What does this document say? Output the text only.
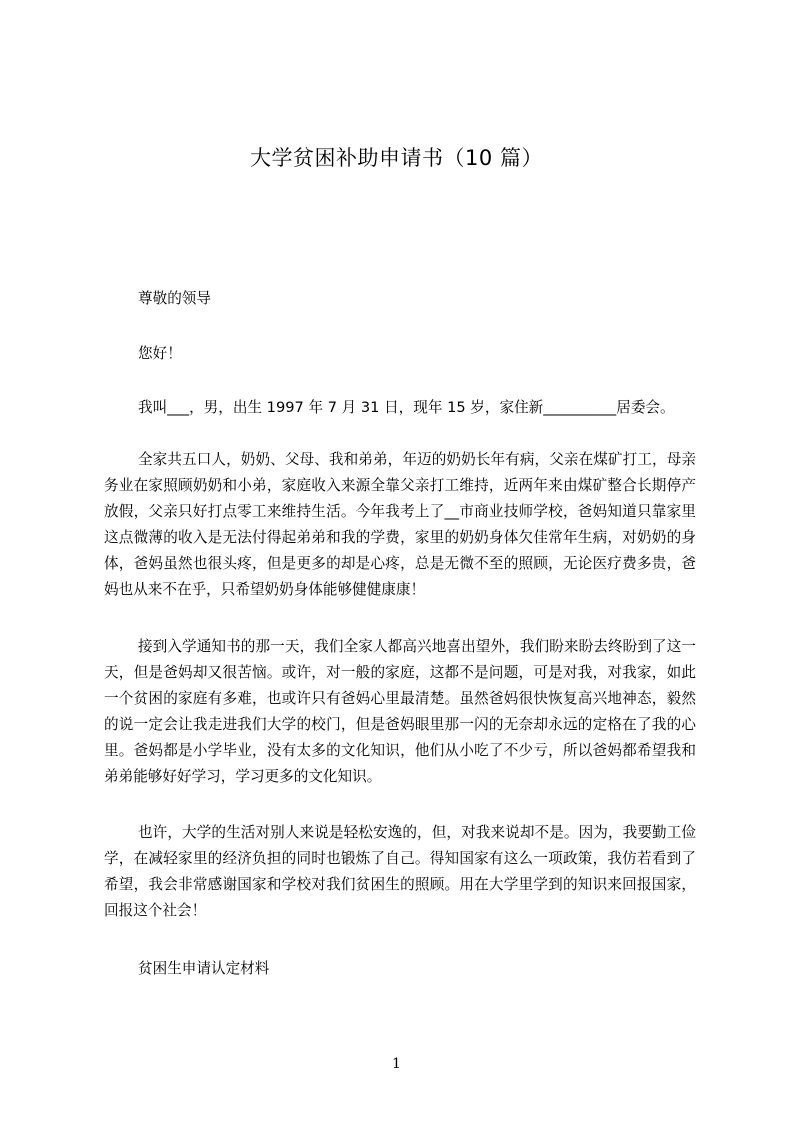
大学贫困补助申请书（10 篇）
尊敬的领导
您好！
我叫___，男，出生 1997 年 7 月 31 日，现年 15 岁，家住新__________居委会。
全家共五口人，奶奶、父母、我和弟弟，年迈的奶奶长年有病，父亲在煤矿打工，母亲务业在家照顾奶奶和小弟，家庭收入来源全靠父亲打工维持，近两年来由煤矿整合长期停产放假，父亲只好打点零工来维持生活。今年我考上了__市商业技师学校，爸妈知道只靠家里这点微薄的收入是无法付得起弟弟和我的学费，家里的奶奶身体欠佳常年生病，对奶奶的身体，爸妈虽然也很头疼，但是更多的却是心疼，总是无微不至的照顾，无论医疗费多贵，爸妈也从来不在乎，只希望奶奶身体能够健健康康！
接到入学通知书的那一天，我们全家人都高兴地喜出望外，我们盼来盼去终盼到了这一天，但是爸妈却又很苦恼。或许，对一般的家庭，这都不是问题，可是对我，对我家，如此一个贫困的家庭有多难，也或许只有爸妈心里最清楚。虽然爸妈很快恢复高兴地神态，毅然的说一定会让我走进我们大学的校门，但是爸妈眼里那一闪的无奈却永远的定格在了我的心里。爸妈都是小学毕业，没有太多的文化知识，他们从小吃了不少亏，所以爸妈都希望我和弟弟能够好好学习，学习更多的文化知识。
也许，大学的生活对别人来说是轻松安逸的，但，对我来说却不是。因为，我要勤工俭学，在减轻家里的经济负担的同时也锻炼了自己。得知国家有这么一项政策，我仿若看到了希望，我会非常感谢国家和学校对我们贫困生的照顾。用在大学里学到的知识来回报国家，回报这个社会！
贫困生申请认定材料
1
